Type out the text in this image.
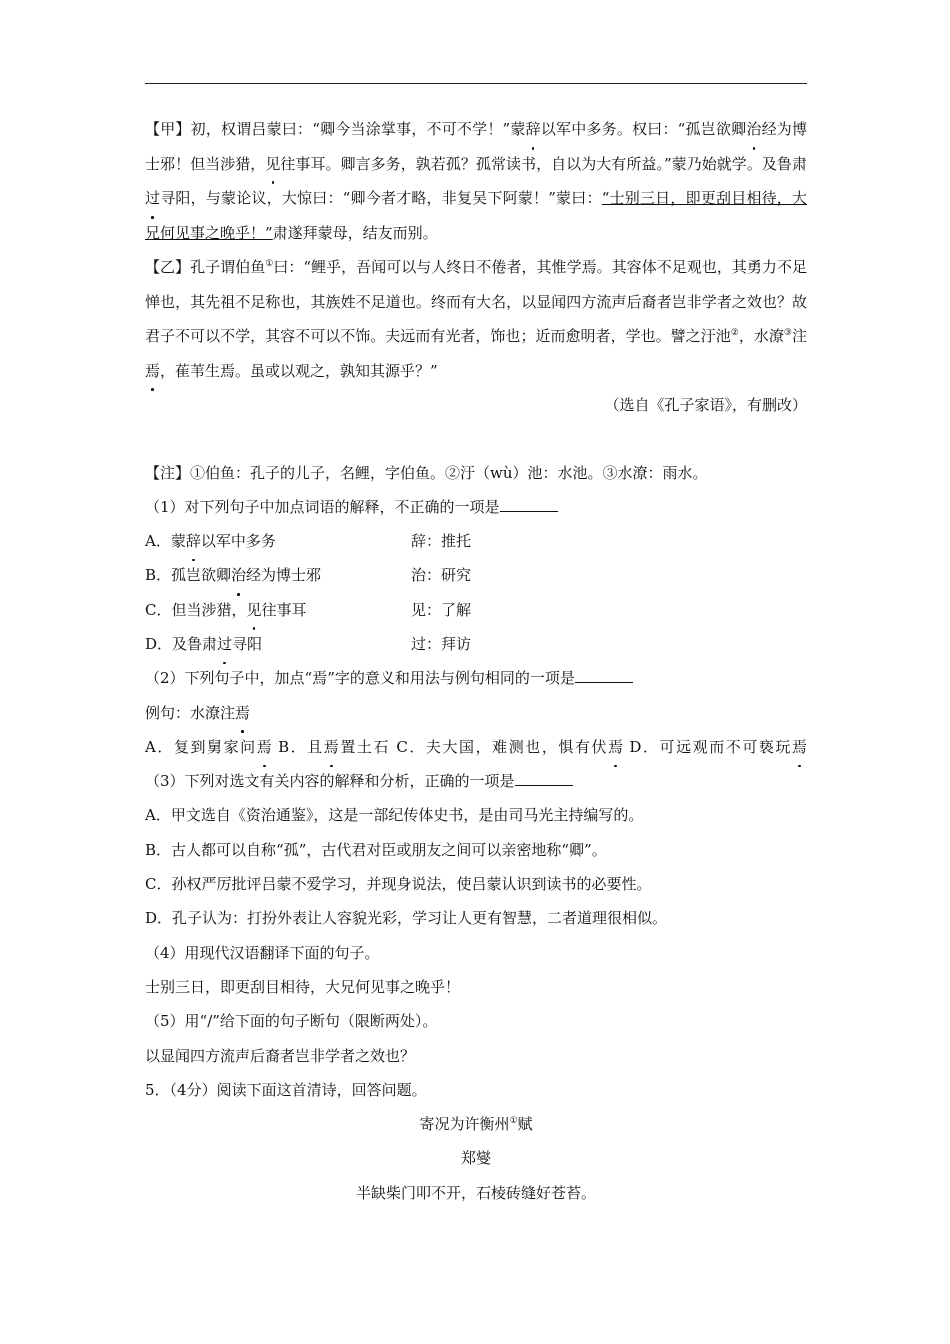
【甲】初，权谓吕蒙曰：“卿今当涂掌事，不可不学！”蒙辞以军中多务。权曰：“孤岂欲卿治经为博士邪！但当涉猎，见往事耳。卿言多务，孰若孤？孤常读书，自以为大有所益。”蒙乃始就学。及鲁肃过寻阳，与蒙论议，大惊曰：“卿今者才略，非复吴下阿蒙！”蒙曰：“士别三日，即更刮目相待，大兄何见事之晚乎！”肃遂拜蒙母，结友而别。

【乙】孔子谓伯鱼①曰：“鲤乎，吾闻可以与人终日不倦者，其惟学焉。其容体不足观也，其勇力不足惮也，其先祖不足称也，其族姓不足道也。终而有大名，以显闻四方流声后裔者岂非学者之效也？故君子不可以不学，其容不可以不饰。夫远而有光者，饰也；近而愈明者，学也。譬之汙池②，水潦③注焉，萑苇生焉。虽或以观之，孰知其源乎？”

（选自《孔子家语》，有删改）

【注】①伯鱼：孔子的儿子，名鲤，字伯鱼。②汙（wù）池：水池。③水潦：雨水。

（1）对下列句子中加点词语的解释，不正确的一项是

A．蒙辞以军中多务	辞：推托
B．孤岂欲卿治经为博士邪	治：研究
C．但当涉猎，见往事耳	见：了解
D．及鲁肃过寻阳	过：拜访

（2）下列句子中，加点“焉”字的意义和用法与例句相同的一项是

例句：水潦注焉

A．复到舅家问焉 B．且焉置土石 C．夫大国，难测也，惧有伏焉 D．可远观而不可亵玩焉

（3）下列对选文有关内容的解释和分析，正确的一项是

A．甲文选自《资治通鉴》，这是一部纪传体史书，是由司马光主持编写的。

B．古人都可以自称“孤”，古代君对臣或朋友之间可以亲密地称“卿”。

C．孙权严厉批评吕蒙不爱学习，并现身说法，使吕蒙认识到读书的必要性。

D．孔子认为：打扮外表让人容貌光彩，学习让人更有智慧，二者道理很相似。

（4）用现代汉语翻译下面的句子。

士别三日，即更刮目相待，大兄何见事之晚乎！

（5）用“/”给下面的句子断句（限断两处）。

以显闻四方流声后裔者岂非学者之效也？

5．（4分）阅读下面这首清诗，回答问题。

寄况为许衡州①赋

郑燮

半缺柴门叩不开，石棱砖缝好苍苔。
